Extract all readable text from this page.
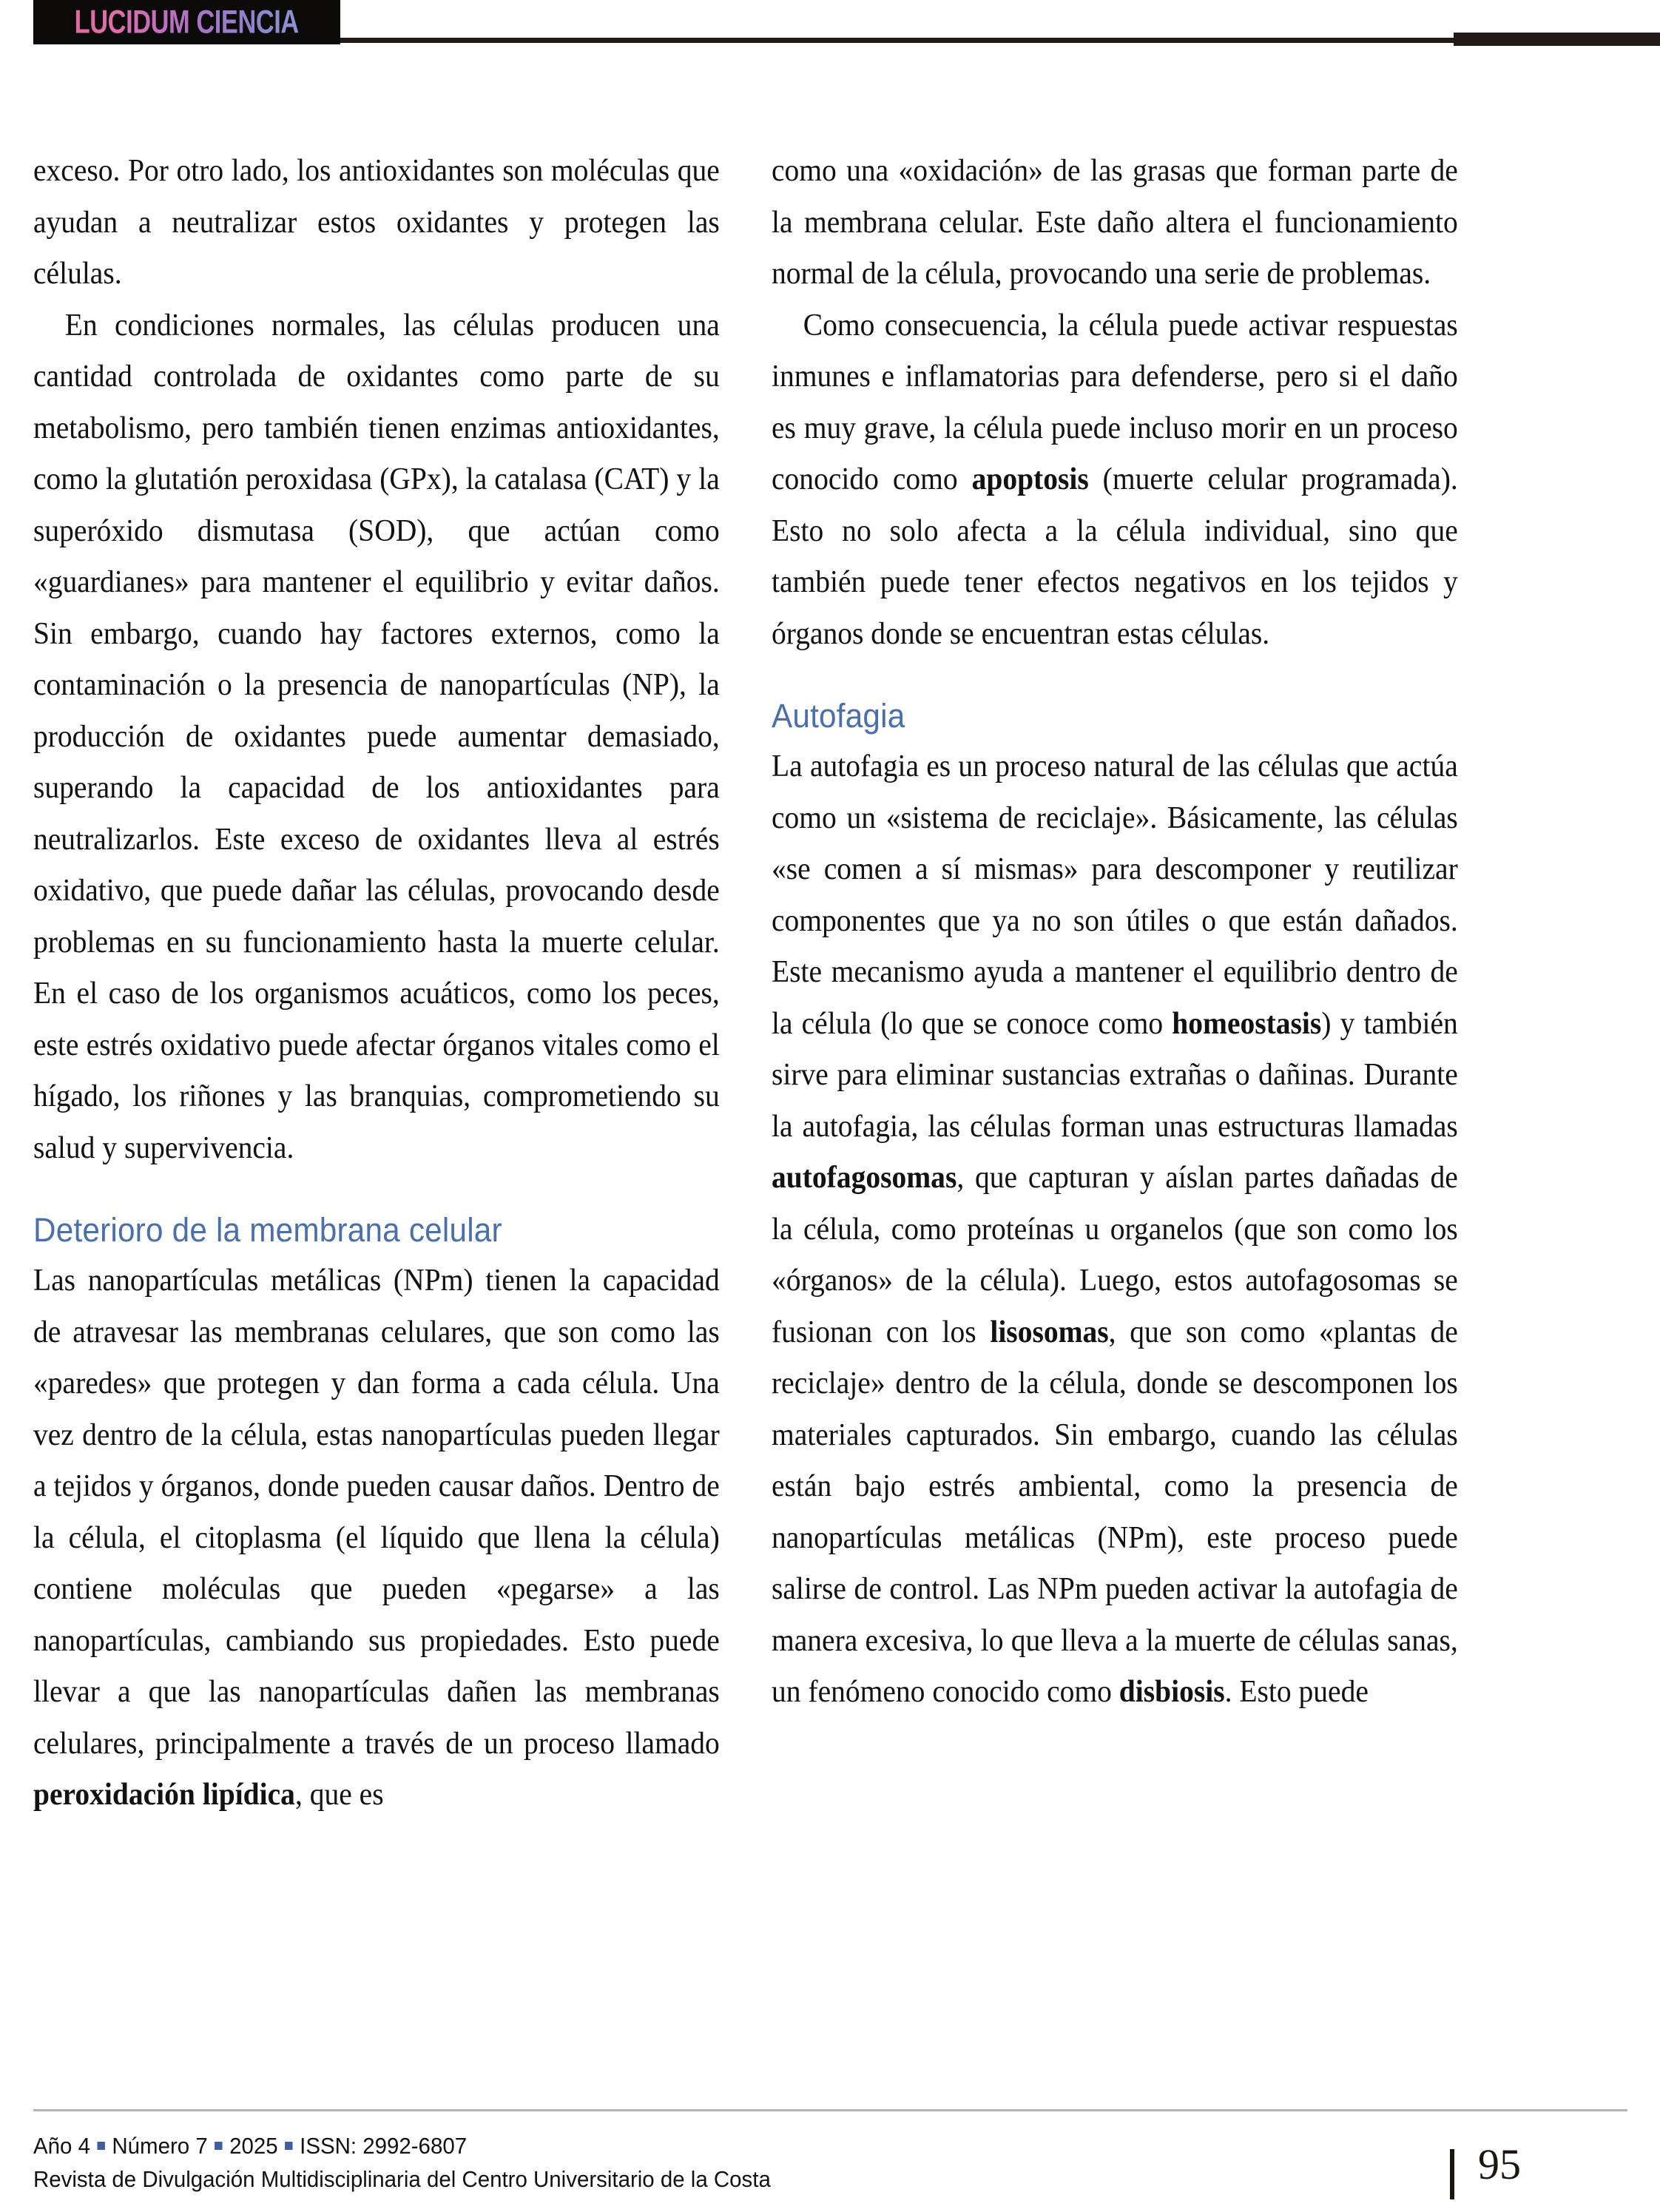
LUCIDUM CIENCIA

exceso. Por otro lado, los antioxidantes son moléculas que ayudan a neutralizar estos oxidantes y protegen las células.

En condiciones normales, las células producen una cantidad controlada de oxidantes como parte de su metabolismo, pero también tienen enzimas antioxidantes, como la glutatión peroxidasa (GPx), la catalasa (CAT) y la superóxido dismutasa (SOD), que actúan como «guardianes» para mantener el equilibrio y evitar daños. Sin embargo, cuando hay factores externos, como la contaminación o la presencia de nanopartículas (NP), la producción de oxidantes puede aumentar demasiado, superando la capacidad de los antioxidantes para neutralizarlos. Este exceso de oxidantes lleva al estrés oxidativo, que puede dañar las células, provocando desde problemas en su funcionamiento hasta la muerte celular. En el caso de los organismos acuáticos, como los peces, este estrés oxidativo puede afectar órganos vitales como el hígado, los riñones y las branquias, comprometiendo su salud y supervivencia.

Deterioro de la membrana celular

Las nanopartículas metálicas (NPm) tienen la capacidad de atravesar las membranas celulares, que son como las «paredes» que protegen y dan forma a cada célula. Una vez dentro de la célula, estas nanopartículas pueden llegar a tejidos y órganos, donde pueden causar daños. Dentro de la célula, el citoplasma (el líquido que llena la célula) contiene moléculas que pueden «pegarse» a las nanopartículas, cambiando sus propiedades. Esto puede llevar a que las nanopartículas dañen las membranas celulares, principalmente a través de un proceso llamado peroxidación lipídica, que es

como una «oxidación» de las grasas que forman parte de la membrana celular. Este daño altera el funcionamiento normal de la célula, provocando una serie de problemas.

Como consecuencia, la célula puede activar respuestas inmunes e inflamatorias para defenderse, pero si el daño es muy grave, la célula puede incluso morir en un proceso conocido como apoptosis (muerte celular programada). Esto no solo afecta a la célula individual, sino que también puede tener efectos negativos en los tejidos y órganos donde se encuentran estas células.

Autofagia

La autofagia es un proceso natural de las células que actúa como un «sistema de reciclaje». Básicamente, las células «se comen a sí mismas» para descomponer y reutilizar componentes que ya no son útiles o que están dañados. Este mecanismo ayuda a mantener el equilibrio dentro de la célula (lo que se conoce como homeostasis) y también sirve para eliminar sustancias extrañas o dañinas. Durante la autofagia, las células forman unas estructuras llamadas autofagosomas, que capturan y aíslan partes dañadas de la célula, como proteínas u organelos (que son como los «órganos» de la célula). Luego, estos autofagosomas se fusionan con los lisosomas, que son como «plantas de reciclaje» dentro de la célula, donde se descomponen los materiales capturados. Sin embargo, cuando las células están bajo estrés ambiental, como la presencia de nanopartículas metálicas (NPm), este proceso puede salirse de control. Las NPm pueden activar la autofagia de manera excesiva, lo que lleva a la muerte de células sanas, un fenómeno conocido como disbiosis. Esto puede

Año 4 Número 7 2025 ISSN: 2992-6807
Revista de Divulgación Multidisciplinaria del Centro Universitario de la Costa	95
